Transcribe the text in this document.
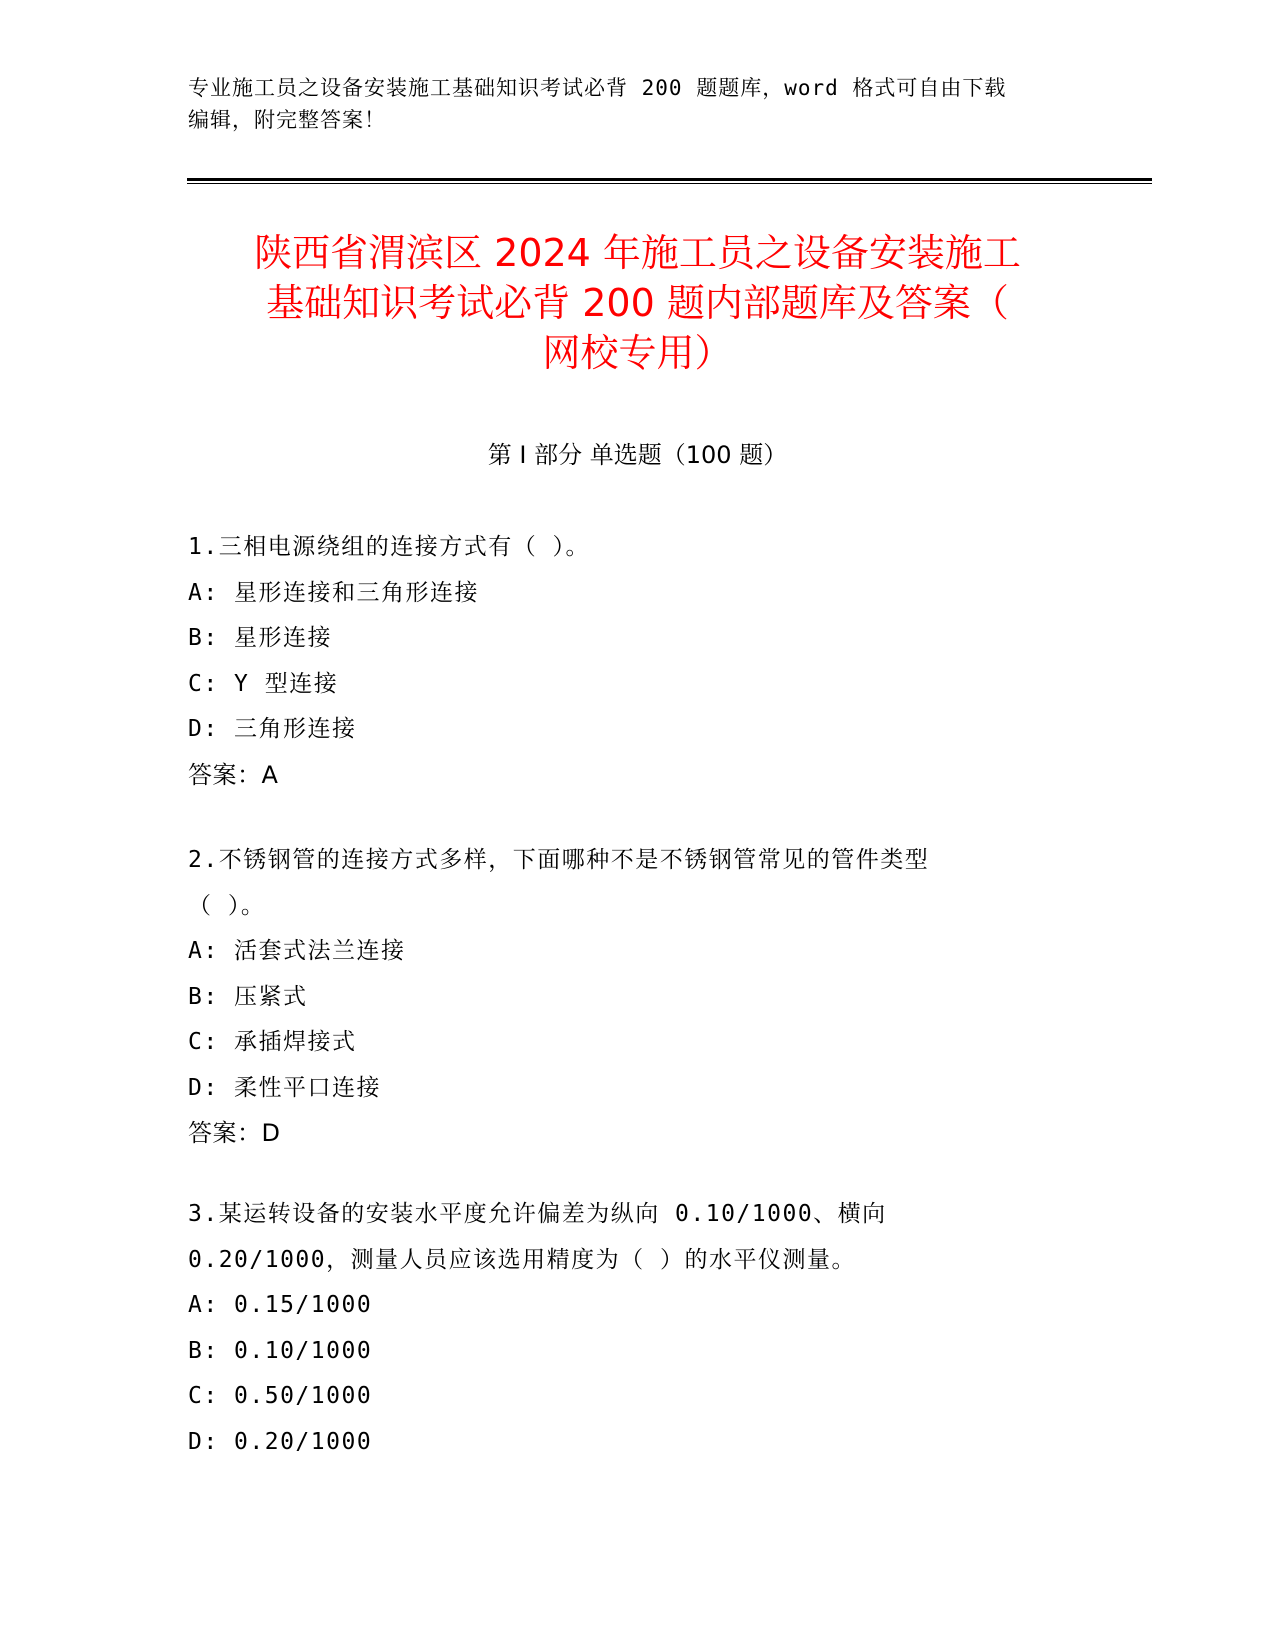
专业施工员之设备安装施工基础知识考试必背 200 题题库，word 格式可自由下载
编辑，附完整答案！
陕西省渭滨区 2024 年施工员之设备安装施工
基础知识考试必背 200 题内部题库及答案（
网校专用）
第 I 部分 单选题（100 题）
1.三相电源绕组的连接方式有（ ）。
A: 星形连接和三角形连接
B: 星形连接
C: Y 型连接
D: 三角形连接
答案：A
2.不锈钢管的连接方式多样，下面哪种不是不锈钢管常见的管件类型
（ ）。
A: 活套式法兰连接
B: 压紧式
C: 承插焊接式
D: 柔性平口连接
答案：D
3.某运转设备的安装水平度允许偏差为纵向 0.10/1000、横向
0.20/1000，测量人员应该选用精度为（ ）的水平仪测量。
A: 0.15/1000
B: 0.10/1000
C: 0.50/1000
D: 0.20/1000
